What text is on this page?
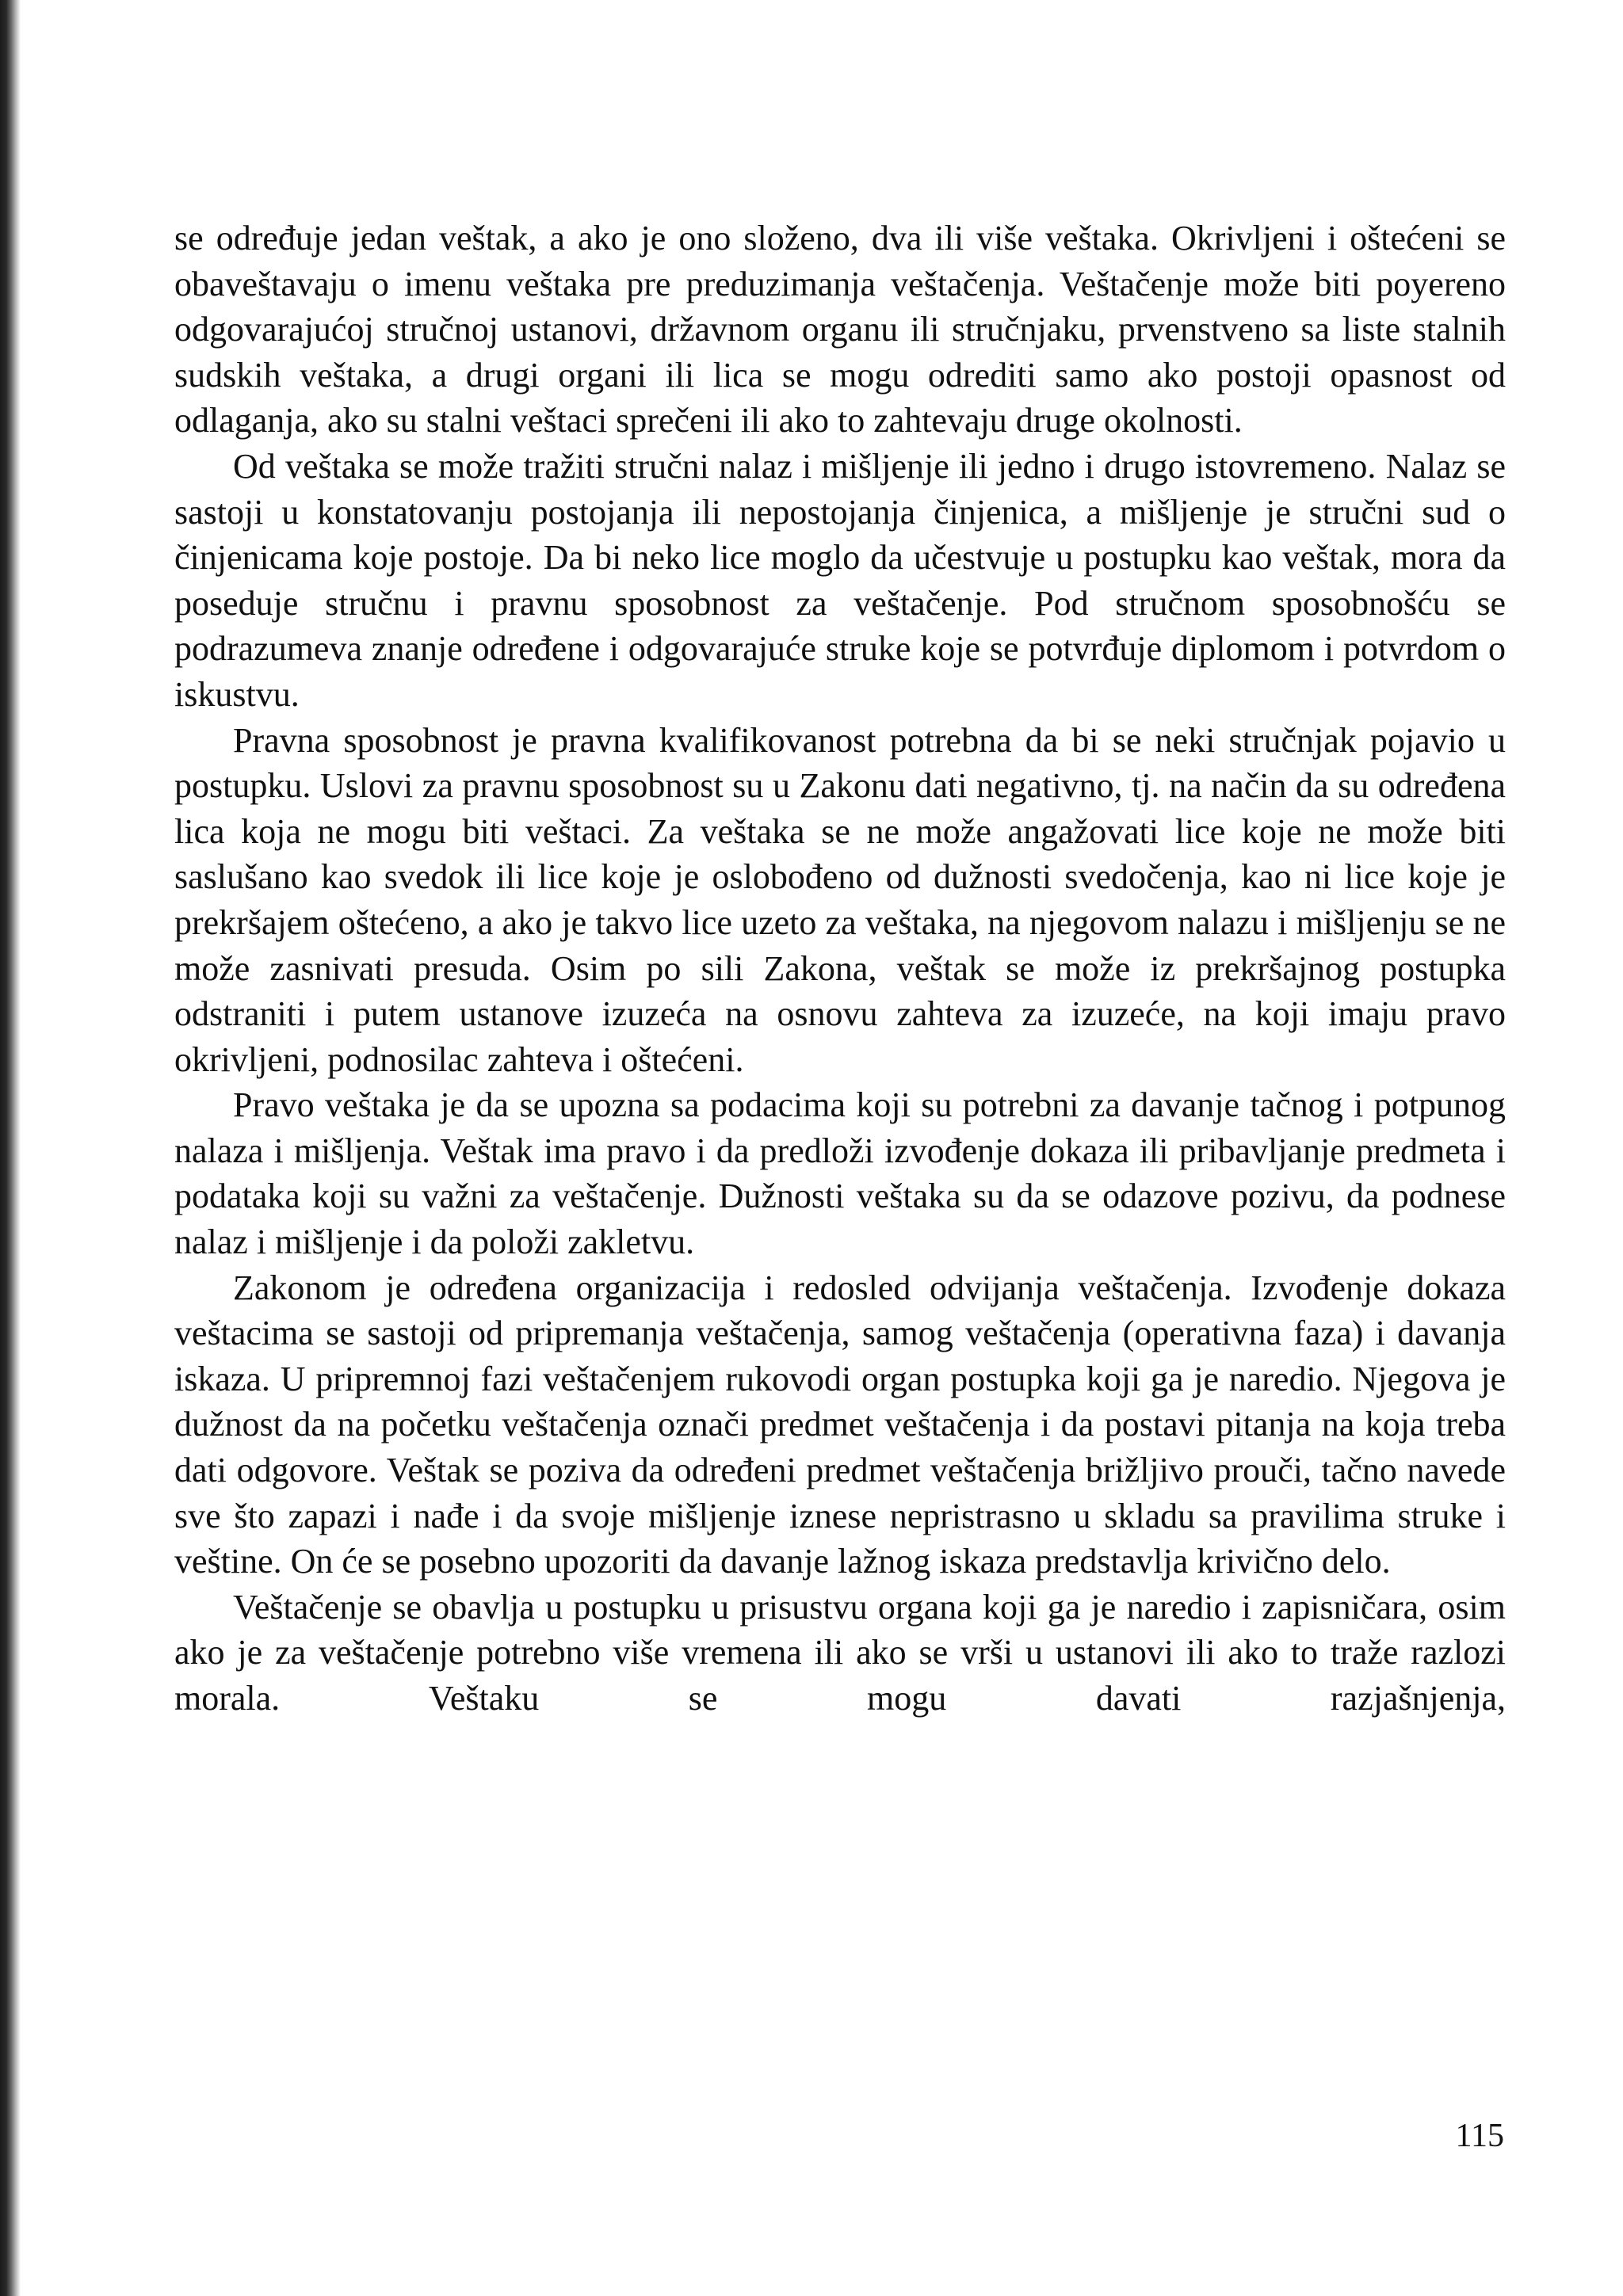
se određuje jedan veštak, a ako je ono složeno, dva ili više veštaka. Okrivljeni i oštećeni se obaveštavaju o imenu veštaka pre preduzimanja veštačenja. Veštačenje može biti poyereno odgovarajućoj stručnoj ustanovi, državnom organu ili stručnjaku, prvenstveno sa liste stalnih sudskih veštaka, a drugi organi ili lica se mogu odrediti samo ako postoji opasnost od odlaganja, ako su stalni veštaci sprečeni ili ako to zahtevaju druge okolnosti.

Od veštaka se može tražiti stručni nalaz i mišljenje ili jedno i drugo istovremeno. Nalaz se sastoji u konstatovanju postojanja ili nepostojanja činjenica, a mišljenje je stručni sud o činjenicama koje postoje. Da bi neko lice moglo da učestvuje u postupku kao veštak, mora da poseduje stručnu i pravnu sposobnost za veštačenje. Pod stručnom sposobnošću se podrazumeva znanje određene i odgovarajuće struke koje se potvrđuje diplomom i potvrdom o iskustvu.

Pravna sposobnost je pravna kvalifikovanost potrebna da bi se neki stručnjak pojavio u postupku. Uslovi za pravnu sposobnost su u Zakonu dati negativno, tj. na način da su određena lica koja ne mogu biti veštaci. Za veštaka se ne može angažovati lice koje ne može biti saslušano kao svedok ili lice koje je oslobođeno od dužnosti svedočenja, kao ni lice koje je prekršajem oštećeno, a ako je takvo lice uzeto za veštaka, na njegovom nalazu i mišljenju se ne može zasnivati presuda. Osim po sili Zakona, veštak se može iz prekršajnog postupka odstraniti i putem ustanove izuzeća na osnovu zahteva za izuzeće, na koji imaju pravo okrivljeni, podnosilac zahteva i oštećeni.

Pravo veštaka je da se upozna sa podacima koji su potrebni za davanje tačnog i potpunog nalaza i mišljenja. Veštak ima pravo i da predloži izvođenje dokaza ili pribavljanje predmeta i podataka koji su važni za veštačenje. Dužnosti veštaka su da se odazove pozivu, da podnese nalaz i mišljenje i da položi zakletvu.

Zakonom je određena organizacija i redosled odvijanja veštačenja. Izvođenje dokaza veštacima se sastoji od pripremanja veštačenja, samog veštačenja (operativna faza) i davanja iskaza. U pripremnoj fazi veštačenjem rukovodi organ postupka koji ga je naredio. Njegova je dužnost da na početku veštačenja označi predmet veštačenja i da postavi pitanja na koja treba dati odgovore. Veštak se poziva da određeni predmet veštačenja brižljivo prouči, tačno navede sve što zapazi i nađe i da svoje mišljenje iznese nepristrasno u skladu sa pravilima struke i veštine. On će se posebno upozoriti da davanje lažnog iskaza predstavlja krivično delo.

Veštačenje se obavlja u postupku u prisustvu organa koji ga je naredio i zapisničara, osim ako je za veštačenje potrebno više vremena ili ako se vrši u ustanovi ili ako to traže razlozi morala. Veštaku se mogu davati razjašnjenja,

115
